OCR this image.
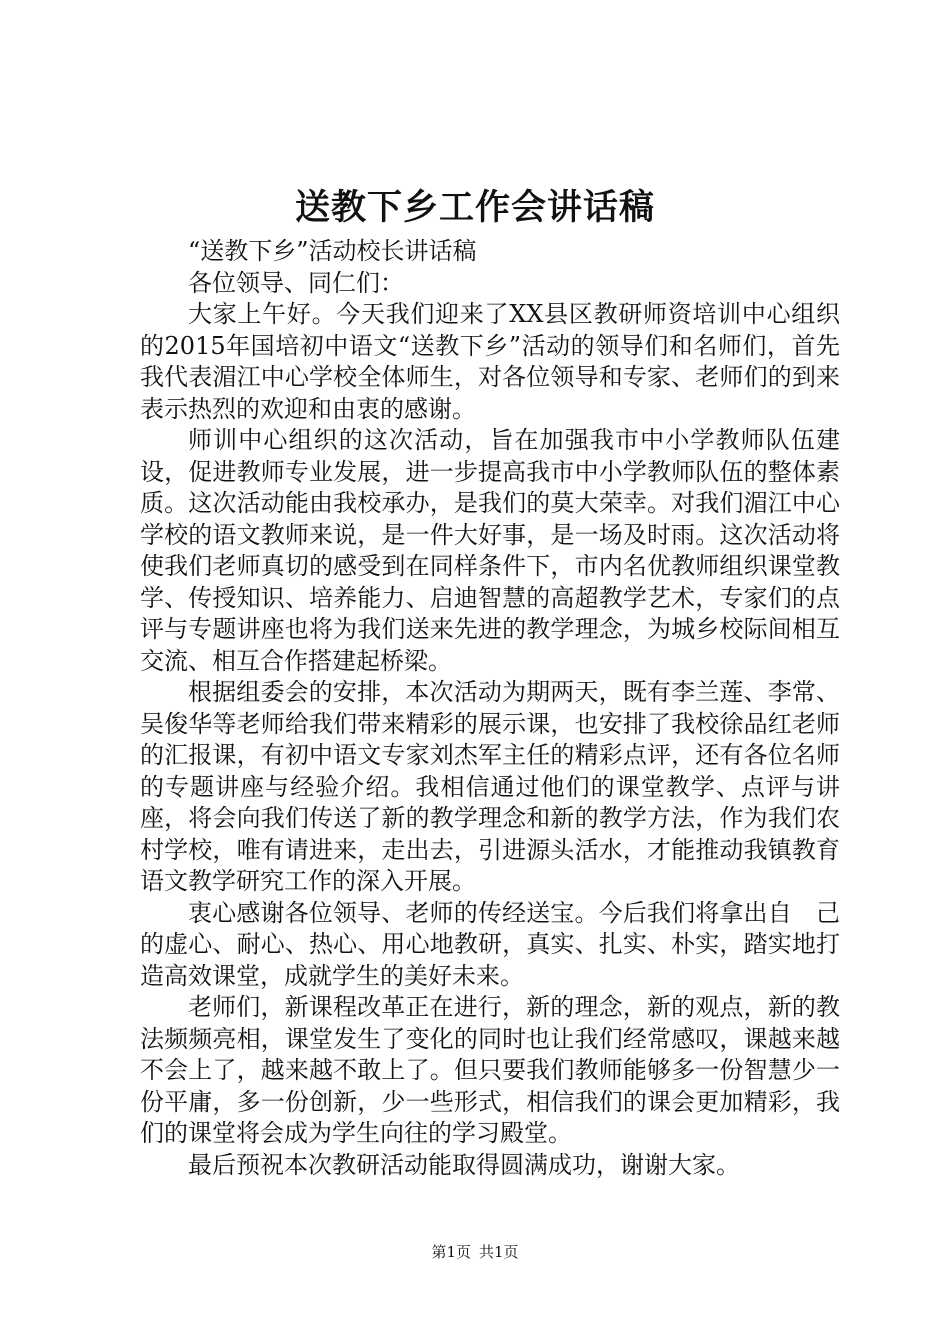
送教下乡工作会讲话稿

“送教下乡”活动校长讲话稿

各位领导、同仁们：

大家上午好。今天我们迎来了XX县区教研师资培训中心组织的2015年国培初中语文“送教下乡”活动的领导们和名师们，首先我代表湄江中心学校全体师生，对各位领导和专家、老师们的到来表示热烈的欢迎和由衷的感谢。

师训中心组织的这次活动，旨在加强我市中小学教师队伍建设，促进教师专业发展，进一步提高我市中小学教师队伍的整体素质。这次活动能由我校承办，是我们的莫大荣幸。对我们湄江中心学校的语文教师来说，是一件大好事，是一场及时雨。这次活动将使我们老师真切的感受到在同样条件下，市内名优教师组织课堂教学、传授知识、培养能力、启迪智慧的高超教学艺术，专家们的点评与专题讲座也将为我们送来先进的教学理念，为城乡校际间相互交流、相互合作搭建起桥梁。

根据组委会的安排，本次活动为期两天，既有李兰莲、李常、吴俊华等老师给我们带来精彩的展示课，也安排了我校徐品红老师的汇报课，有初中语文专家刘杰军主任的精彩点评，还有各位名师的专题讲座与经验介绍。我相信通过他们的课堂教学、点评与讲座，将会向我们传送了新的教学理念和新的教学方法，作为我们农村学校，唯有请进来，走出去，引进源头活水，才能推动我镇教育语文教学研究工作的深入开展。

衷心感谢各位领导、老师的传经送宝。今后我们将拿出自　己的虚心、耐心、热心、用心地教研，真实、扎实、朴实，踏实地打造高效课堂，成就学生的美好未来。

老师们，新课程改革正在进行，新的理念，新的观点，新的教法频频亮相，课堂发生了变化的同时也让我们经常感叹，课越来越不会上了，越来越不敢上了。但只要我们教师能够多一份智慧少一份平庸，多一份创新，少一些形式，相信我们的课会更加精彩，我们的课堂将会成为学生向往的学习殿堂。

最后预祝本次教研活动能取得圆满成功，谢谢大家。

第1页 共1页
